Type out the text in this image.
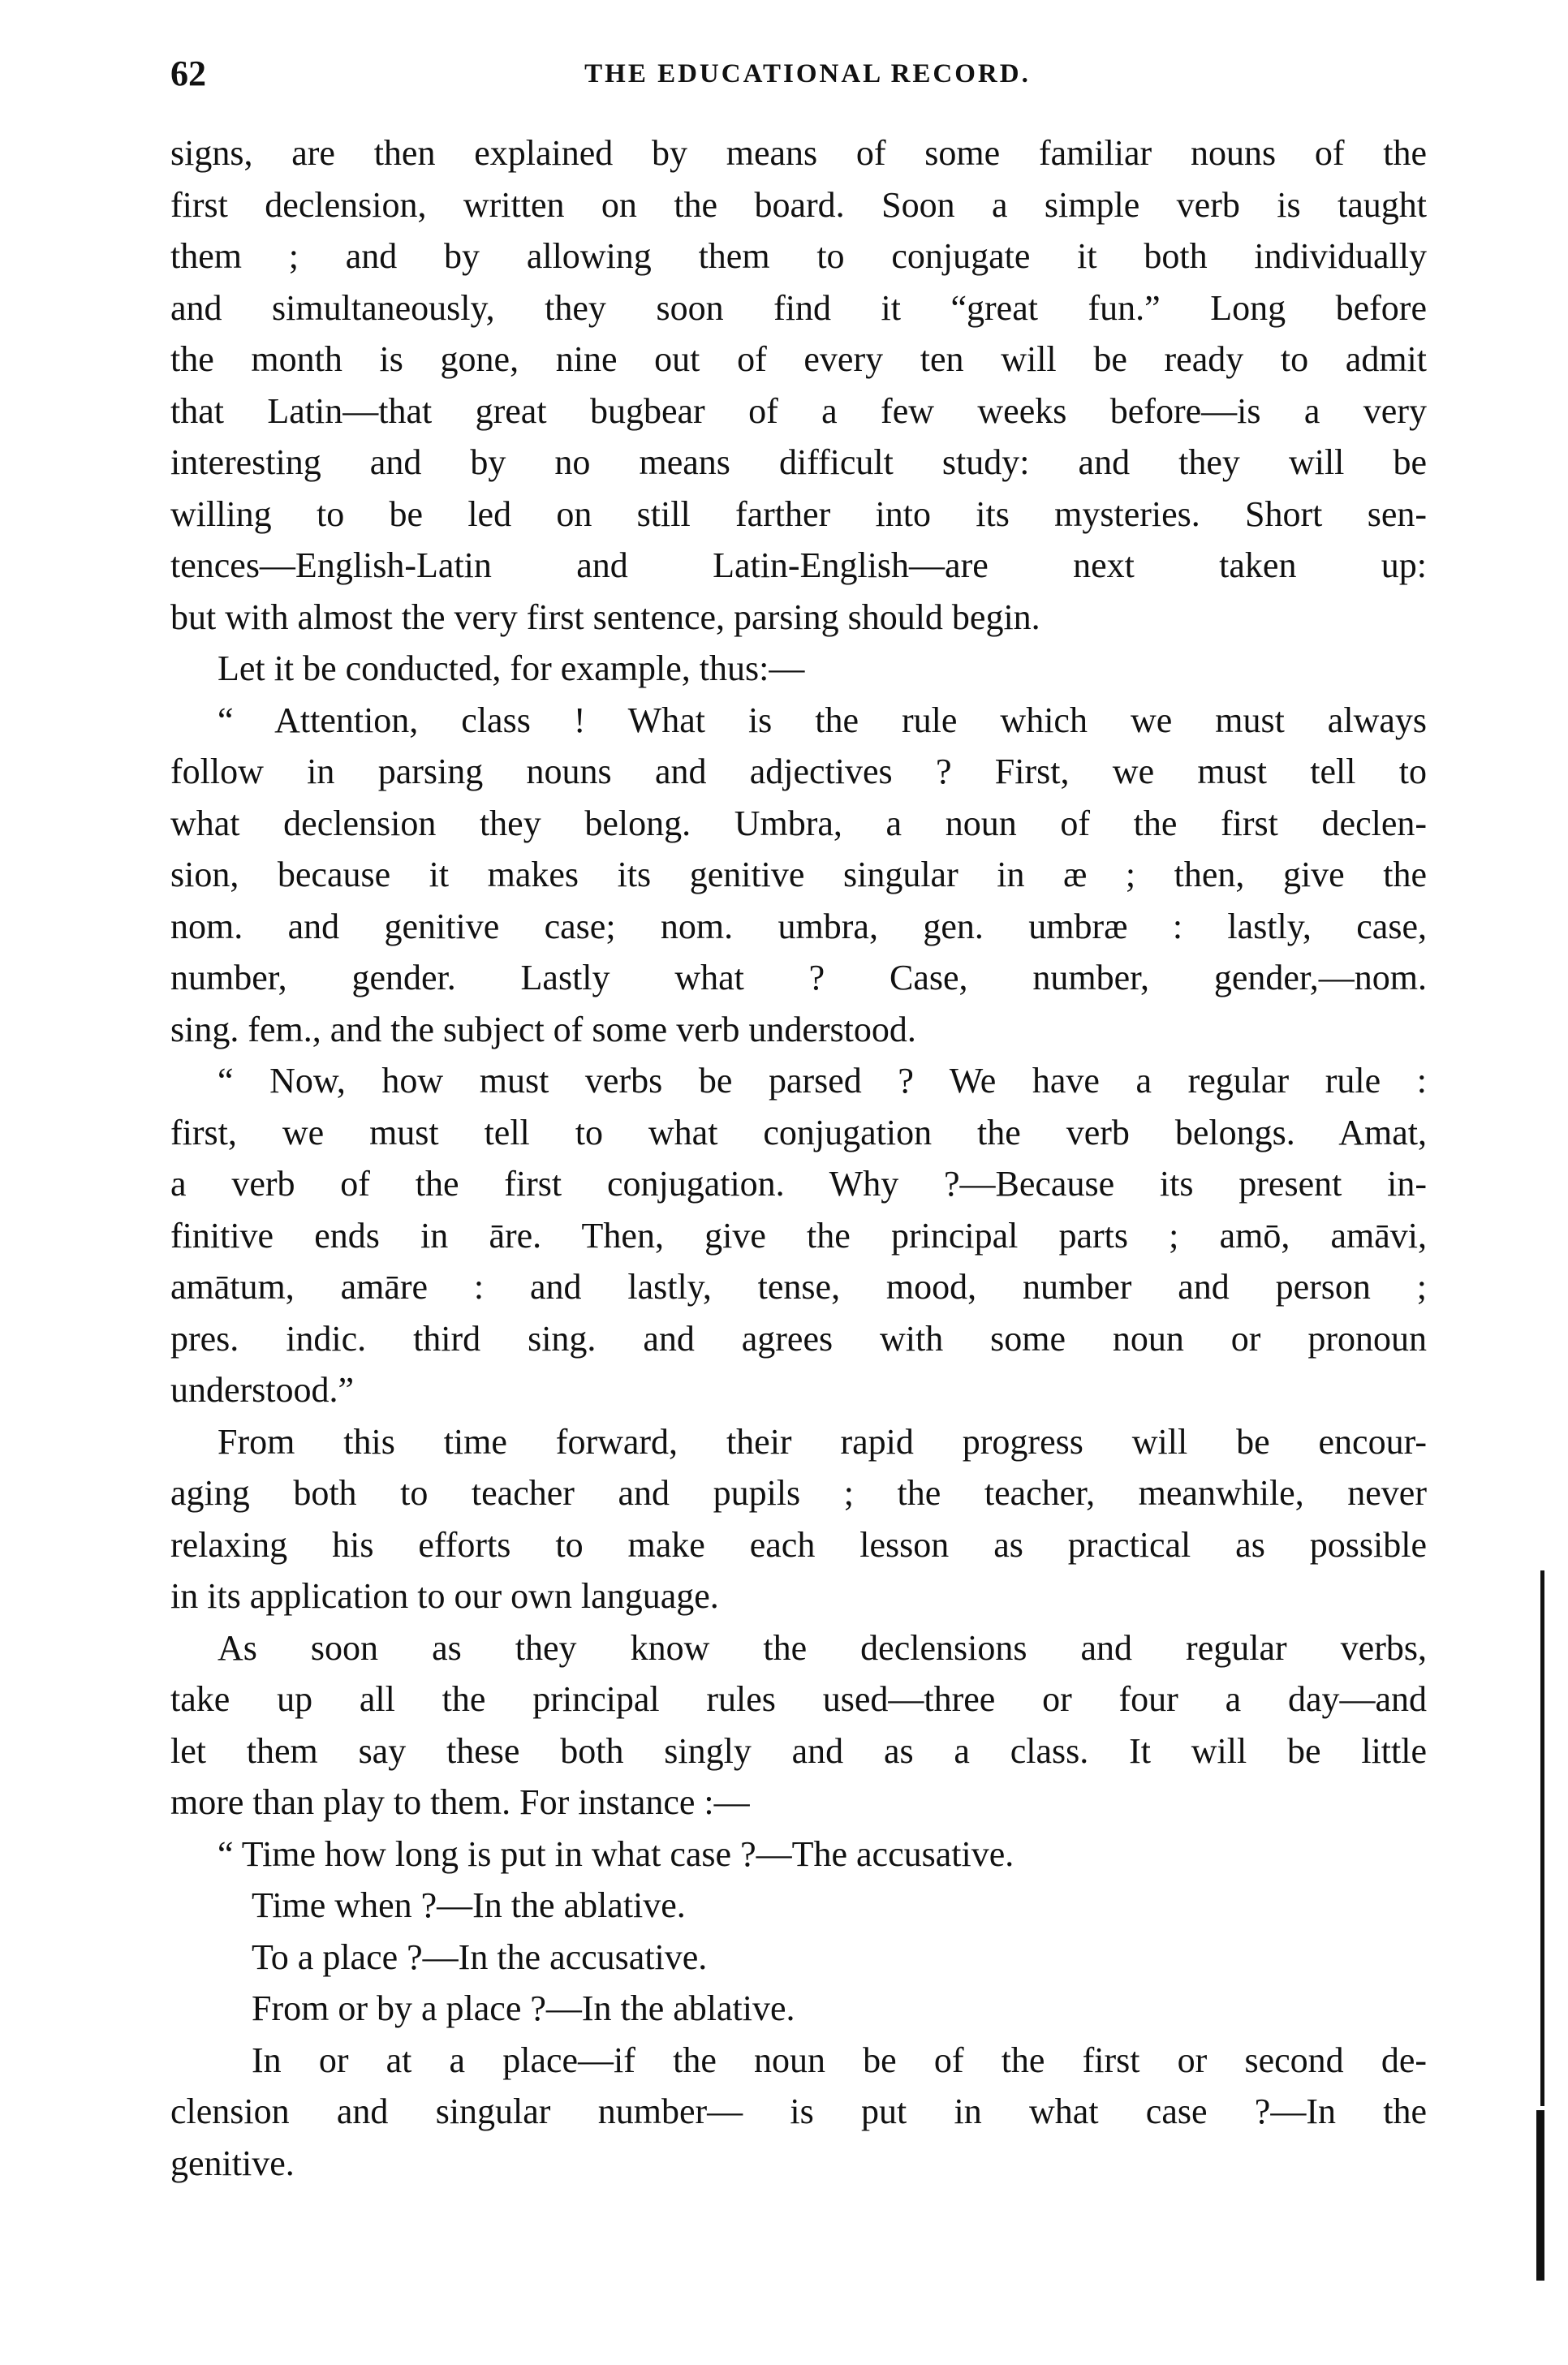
62	THE EDUCATIONAL RECORD.
signs, are then explained by means of some familiar nouns of the
first declension, written on the board. Soon a simple verb is taught
them ; and by allowing them to conjugate it both individually
and simultaneously, they soon find it “great fun.” Long before
the month is gone, nine out of every ten will be ready to admit
that Latin—that great bugbear of a few weeks before—is a very
interesting and by no means difficult study: and they will be
willing to be led on still farther into its mysteries. Short sen-
tences—English-Latin and Latin-English—are next taken up:
but with almost the very first sentence, parsing should begin.
Let it be conducted, for example, thus:—
“ Attention, class ! What is the rule which we must always
follow in parsing nouns and adjectives ? First, we must tell to
what declension they belong. Umbra, a noun of the first declen-
sion, because it makes its genitive singular in æ ; then, give the
nom. and genitive case; nom. umbra, gen. umbræ : lastly, case,
number, gender. Lastly what ? Case, number, gender,—nom.
sing. fem., and the subject of some verb understood.
“ Now, how must verbs be parsed ? We have a regular rule :
first, we must tell to what conjugation the verb belongs. Amat,
a verb of the first conjugation. Why ?—Because its present in-
finitive ends in āre. Then, give the principal parts ; amō, amāvi,
amātum, amāre : and lastly, tense, mood, number and person ;
pres. indic. third sing. and agrees with some noun or pronoun
understood.”
From this time forward, their rapid progress will be encour-
aging both to teacher and pupils ; the teacher, meanwhile, never
relaxing his efforts to make each lesson as practical as possible
in its application to our own language.
As soon as they know the declensions and regular verbs,
take up all the principal rules used—three or four a day—and
let them say these both singly and as a class. It will be little
more than play to them. For instance :—
“ Time how long is put in what case ?—The accusative.
Time when ?—In the ablative.
To a place ?—In the accusative.
From or by a place ?—In the ablative.
In or at a place—if the noun be of the first or second de-
clension and singular number— is put in what case ?—In the
genitive.
